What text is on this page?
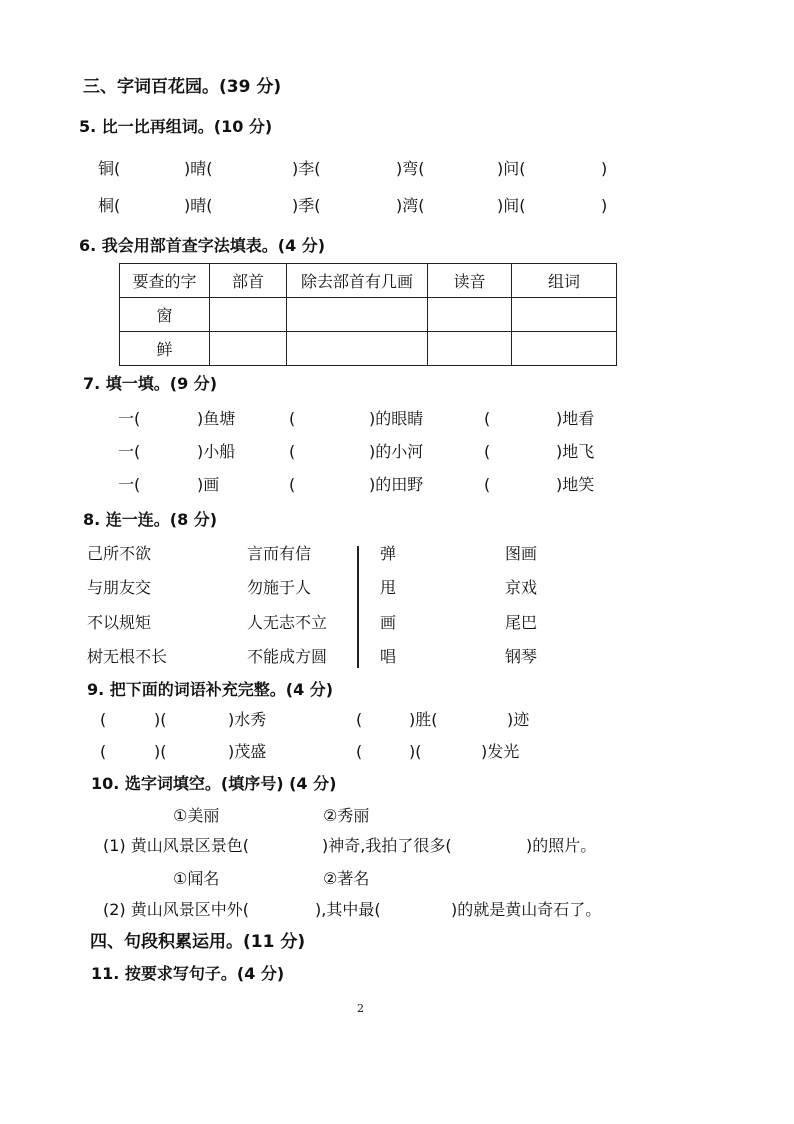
三、字词百花园。(39 分)
5. 比一比再组词。(10 分)
铜(	)晴(	)李(	)弯(	)问(	)
桐(	)晴(	)季(	)湾(	)间(	)
6. 我会用部首查字法填表。(4 分)
要查的字	部首	除去部首有几画	读音	组词
窗				
鲜				
7. 填一填。(9 分)
一(	)鱼塘	(	)的眼睛	(	)地看
一(	)小船	(	)的小河	(	)地飞
一(	)画	(	)的田野	(	)地笑
8. 连一连。(8 分)
己所不欲	言而有信	弹	图画
与朋友交	勿施于人	甩	京戏
不以规矩	人无志不立	画	尾巴
树无根不长	不能成方圆	唱	钢琴
9. 把下面的词语补充完整。(4 分)
(	)(	)水秀	(	)胜(	)迹
(	)(	)茂盛	(	)(	)发光
10. 选字词填空。(填序号) (4 分)
①美丽	②秀丽
(1) 黄山风景区景色(	)神奇,我拍了很多(	)的照片。
①闻名	②著名
(2) 黄山风景区中外(	),其中最(	)的就是黄山奇石了。
四、句段积累运用。(11 分)
11. 按要求写句子。(4 分)
2
